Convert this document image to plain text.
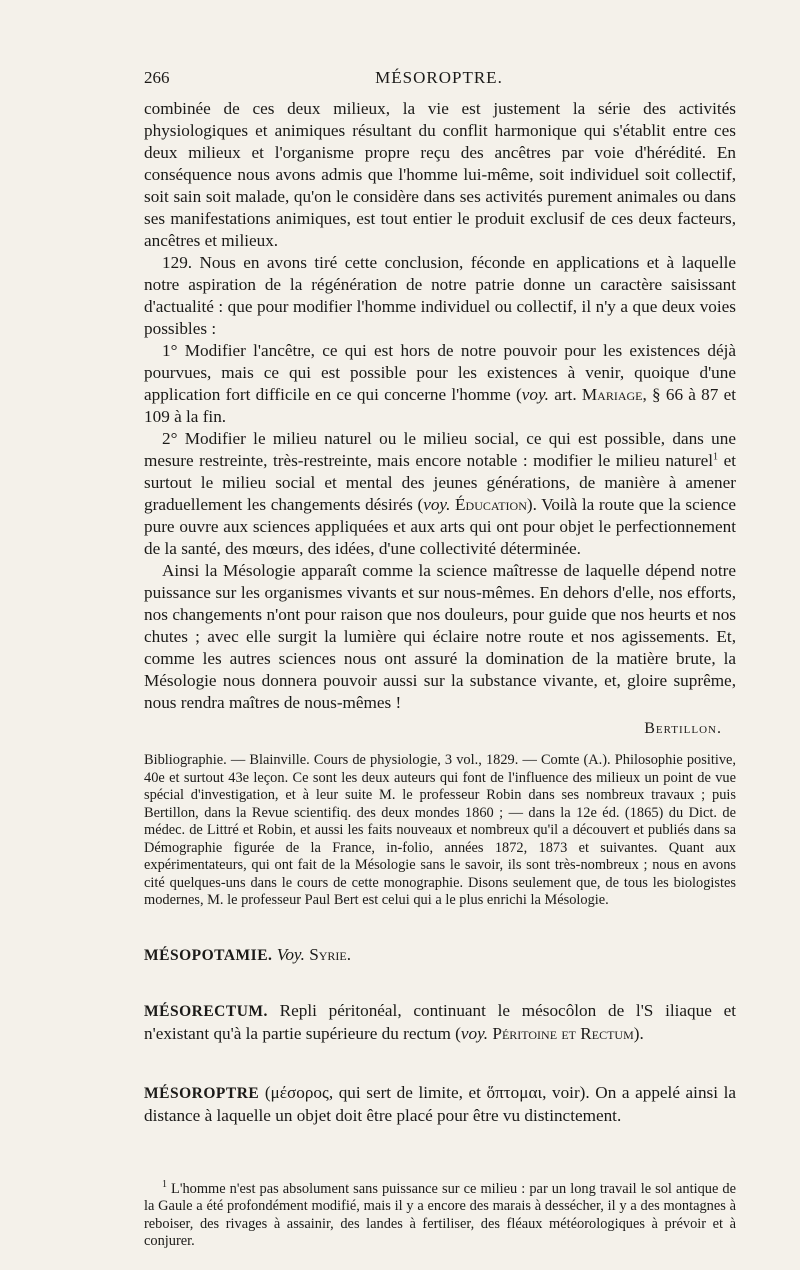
266	MÉSOROPTRE.

combinée de ces deux milieux, la vie est justement la série des activités physiologiques et animiques résultant du conflit harmonique qui s'établit entre ces deux milieux et l'organisme propre reçu des ancêtres par voie d'hérédité. En conséquence nous avons admis que l'homme lui-même, soit individuel soit collectif, soit sain soit malade, qu'on le considère dans ses activités purement animales ou dans ses manifestations animiques, est tout entier le produit exclusif de ces deux facteurs, ancêtres et milieux.

129. Nous en avons tiré cette conclusion, féconde en applications et à laquelle notre aspiration de la régénération de notre patrie donne un caractère saisissant d'actualité : que pour modifier l'homme individuel ou collectif, il n'y a que deux voies possibles :

1° Modifier l'ancêtre, ce qui est hors de notre pouvoir pour les existences déjà pourvues, mais ce qui est possible pour les existences à venir, quoique d'une application fort difficile en ce qui concerne l'homme (voy. art. Mariage, § 66 à 87 et 109 à la fin.

2° Modifier le milieu naturel ou le milieu social, ce qui est possible, dans une mesure restreinte, très-restreinte, mais encore notable : modifier le milieu naturel$^1$ et surtout le milieu social et mental des jeunes générations, de manière à amener graduellement les changements désirés (voy. Éducation). Voilà la route que la science pure ouvre aux sciences appliquées et aux arts qui ont pour objet le perfectionnement de la santé, des mœurs, des idées, d'une collectivité déterminée.

Ainsi la Mésologie apparaît comme la science maîtresse de laquelle dépend notre puissance sur les organismes vivants et sur nous-mêmes. En dehors d'elle, nos efforts, nos changements n'ont pour raison que nos douleurs, pour guide que nos heurts et nos chutes ; avec elle surgit la lumière qui éclaire notre route et nos agissements. Et, comme les autres sciences nous ont assuré la domination de la matière brute, la Mésologie nous donnera pouvoir aussi sur la substance vivante, et, gloire suprême, nous rendra maîtres de nous-mêmes !

Bertillon.

Bibliographie. — Blainville. Cours de physiologie, 3 vol., 1829. — Comte (A.). Philosophie positive, 40e et surtout 43e leçon. Ce sont les deux auteurs qui font de l'influence des milieux un point de vue spécial d'investigation, et à leur suite M. le professeur Robin dans ses nombreux travaux ; puis Bertillon, dans la Revue scientifiq. des deux mondes 1860 ; — dans la 12e éd. (1865) du Dict. de médec. de Littré et Robin, et aussi les faits nouveaux et nombreux qu'il a découvert et publiés dans sa Démographie figurée de la France, in-folio, années 1872, 1873 et suivantes. Quant aux expérimentateurs, qui ont fait de la Mésologie sans le savoir, ils sont très-nombreux ; nous en avons cité quelques-uns dans le cours de cette monographie. Disons seulement que, de tous les biologistes modernes, M. le professeur Paul Bert est celui qui a le plus enrichi la Mésologie.

MÉSOPOTAMIE. Voy. Syrie.

MÉSORECTUM. Repli péritonéal, continuant le mésocôlon de l'S iliaque et n'existant qu'à la partie supérieure du rectum (voy. Péritoine et Rectum).

MÉSOROPTRE (μέσορος, qui sert de limite, et ὅπτομαι, voir). On a appelé ainsi la distance à laquelle un objet doit être placé pour être vu distinctement.

$^1$ L'homme n'est pas absolument sans puissance sur ce milieu : par un long travail le sol antique de la Gaule a été profondément modifié, mais il y a encore des marais à dessécher, il y a des montagnes à reboiser, des rivages à assainir, des landes à fertiliser, des fléaux météorologiques à prévoir et à conjurer.
